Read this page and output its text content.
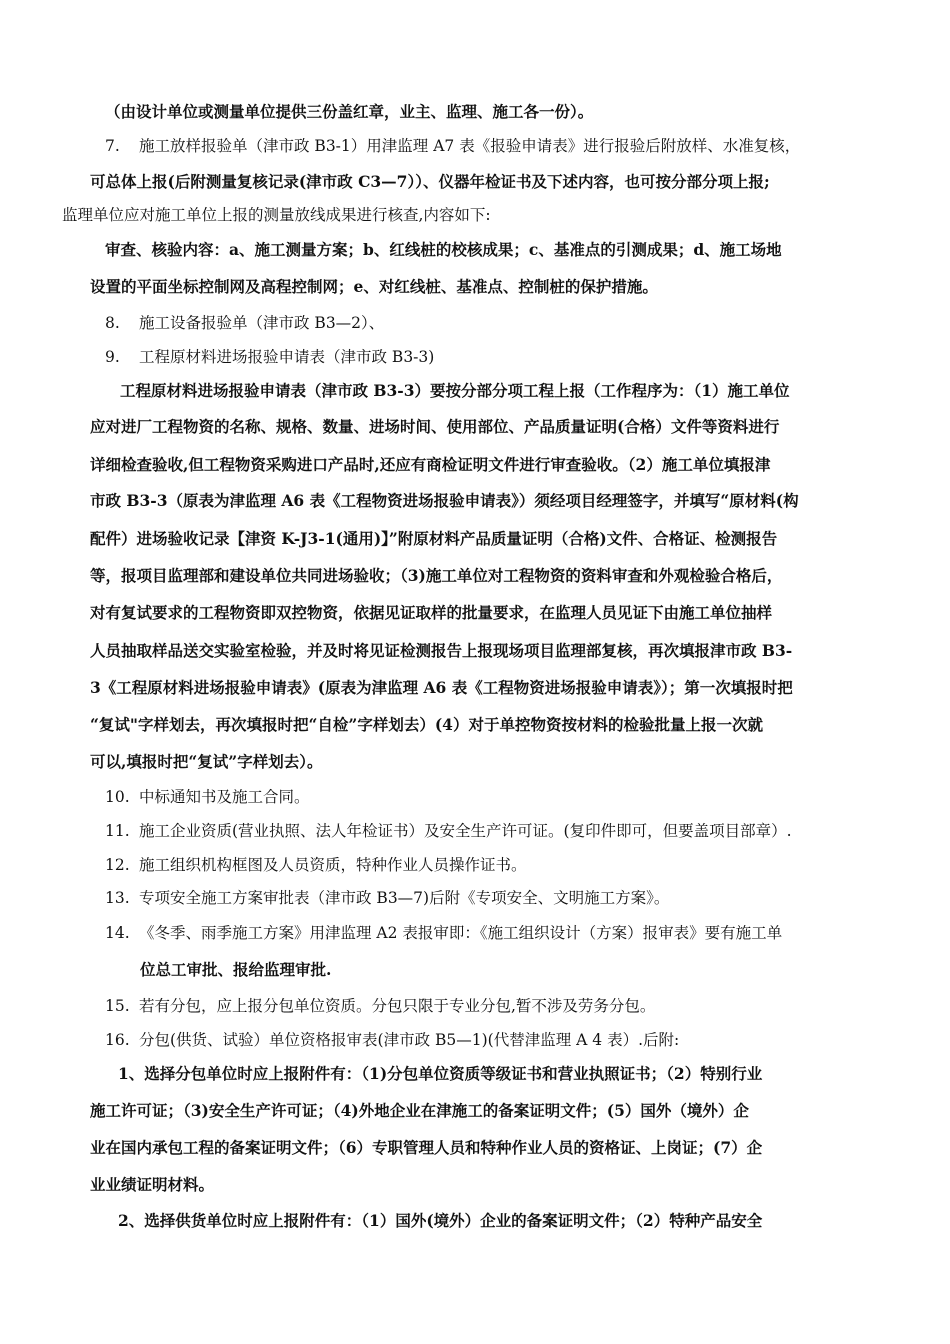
（由设计单位或测量单位提供三份盖红章，业主、监理、施工各一份）。
7. 施工放样报验单（津市政 B3-1）用津监理 A7 表《报验申请表》进行报验后附放样、水准复核，
可总体上报(后附测量复核记录(津市政 C3—7））、仪器年检证书及下述内容，也可按分部分项上报;
监理单位应对施工单位上报的测量放线成果进行核查,内容如下:
审查、核验内容：a、施工测量方案；b、红线桩的校核成果；c、基准点的引测成果；d、施工场地
设置的平面坐标控制网及高程控制网；e、对红线桩、基准点、控制桩的保护措施。
8. 施工设备报验单（津市政 B3—2）、
9. 工程原材料进场报验申请表（津市政 B3-3)
工程原材料进场报验申请表（津市政 B3-3）要按分部分项工程上报（工作程序为：（1）施工单位
应对进厂工程物资的名称、规格、数量、进场时间、使用部位、产品质量证明(合格）文件等资料进行
详细检查验收,但工程物资采购进口产品时,还应有商检证明文件进行审查验收。（2）施工单位填报津
市政 B3-3（原表为津监理 A6 表《工程物资进场报验申请表》）须经项目经理签字，并填写“原材料(构
配件）进场验收记录【津资 K-J3-1(通用)】”附原材料产品质量证明（合格)文件、合格证、检测报告
等，报项目监理部和建设单位共同进场验收；（3)施工单位对工程物资的资料审查和外观检验合格后，
对有复试要求的工程物资即双控物资，依据见证取样的批量要求，在监理人员见证下由施工单位抽样
人员抽取样品送交实验室检验，并及时将见证检测报告上报现场项目监理部复核，再次填报津市政 B3-
3《工程原材料进场报验申请表》(原表为津监理 A6 表《工程物资进场报验申请表》）；第一次填报时把
“复试"字样划去，再次填报时把“自检”字样划去）(4）对于单控物资按材料的检验批量上报一次就
可以,填报时把“复试”字样划去）。
10. 中标通知书及施工合同。
11. 施工企业资质(营业执照、法人年检证书）及安全生产许可证。(复印件即可，但要盖项目部章）.
12. 施工组织机构框图及人员资质，特种作业人员操作证书。
13. 专项安全施工方案审批表（津市政 B3—7)后附《专项安全、文明施工方案》。
14. 《冬季、雨季施工方案》用津监理 A2 表报审即：《施工组织设计（方案）报审表》要有施工单
位总工审批、报给监理审批.
15. 若有分包，应上报分包单位资质。分包只限于专业分包,暂不涉及劳务分包。
16. 分包(供货、试验）单位资格报审表(津市政 B5—1)(代替津监理 A 4 表）.后附:
1、选择分包单位时应上报附件有：（1)分包单位资质等级证书和营业执照证书；（2）特别行业
施工许可证；（3)安全生产许可证；（4)外地企业在津施工的备案证明文件；(5）国外（境外）企
业在国内承包工程的备案证明文件；（6）专职管理人员和特种作业人员的资格证、上岗证；(7）企
业业绩证明材料。
2、选择供货单位时应上报附件有：（1）国外(境外）企业的备案证明文件；（2）特种产品安全
